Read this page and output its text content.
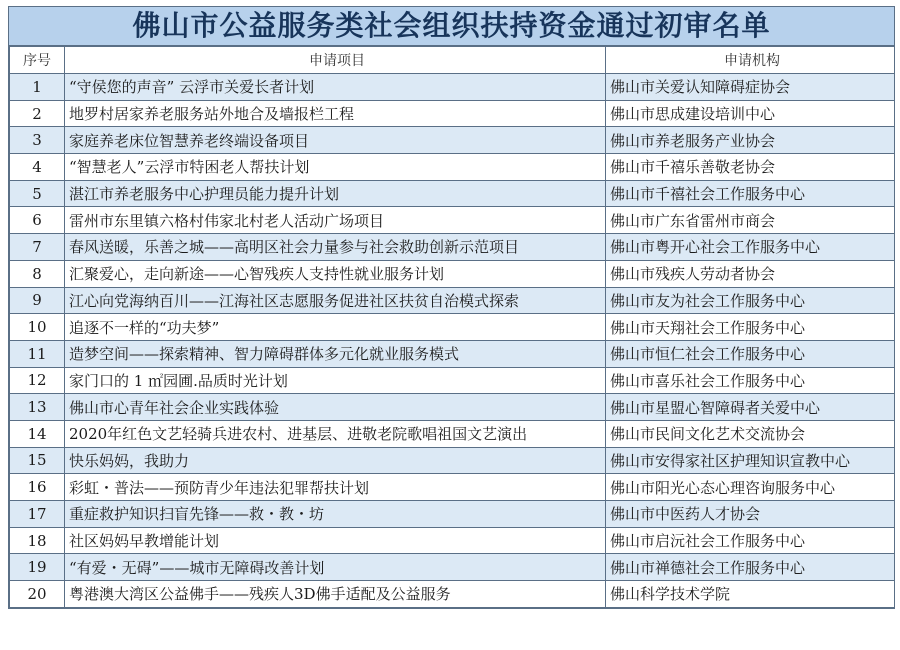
佛山市公益服务类社会组织扶持资金通过初审名单
序号	申请项目	申请机构
1	“守侯您的声音” 云浮市关爱长者计划	佛山市关爱认知障碍症协会
2	地罗村居家养老服务站外地合及墙报栏工程	佛山市思成建设培训中心
3	家庭养老床位智慧养老终端设备项目	佛山市养老服务产业协会
4	“智慧老人”云浮市特困老人帮扶计划	佛山市千禧乐善敬老协会
5	湛江市养老服务中心护理员能力提升计划	佛山市千禧社会工作服务中心
6	雷州市东里镇六格村伟家北村老人活动广场项目	佛山市广东省雷州市商会
7	春风送暖，乐善之城——高明区社会力量参与社会救助创新示范项目	佛山市粤开心社会工作服务中心
8	汇聚爱心，走向新途——心智残疾人支持性就业服务计划	佛山市残疾人劳动者协会
9	江心向党海纳百川——江海社区志愿服务促进社区扶贫自治模式探索	佛山市友为社会工作服务中心
10	追逐不一样的“功夫梦”	佛山市天翔社会工作服务中心
11	造梦空间——探索精神、智力障碍群体多元化就业服务模式	佛山市恒仁社会工作服务中心
12	家门口的 1 ㎡园圃.品质时光计划	佛山市喜乐社会工作服务中心
13	佛山市心青年社会企业实践体验	佛山市星盟心智障碍者关爱中心
14	2020年红色文艺轻骑兵进农村、进基层、进敬老院歌唱祖国文艺演出	佛山市民间文化艺术交流协会
15	快乐妈妈，我助力	佛山市安得家社区护理知识宣教中心
16	彩虹・普法——预防青少年违法犯罪帮扶计划	佛山市阳光心态心理咨询服务中心
17	重症救护知识扫盲先锋——救・教・坊	佛山市中医药人才协会
18	社区妈妈早教增能计划	佛山市启沅社会工作服务中心
19	“有爱・无碍”——城市无障碍改善计划	佛山市禅德社会工作服务中心
20	粤港澳大湾区公益佛手——残疾人3D佛手适配及公益服务	佛山科学技术学院
